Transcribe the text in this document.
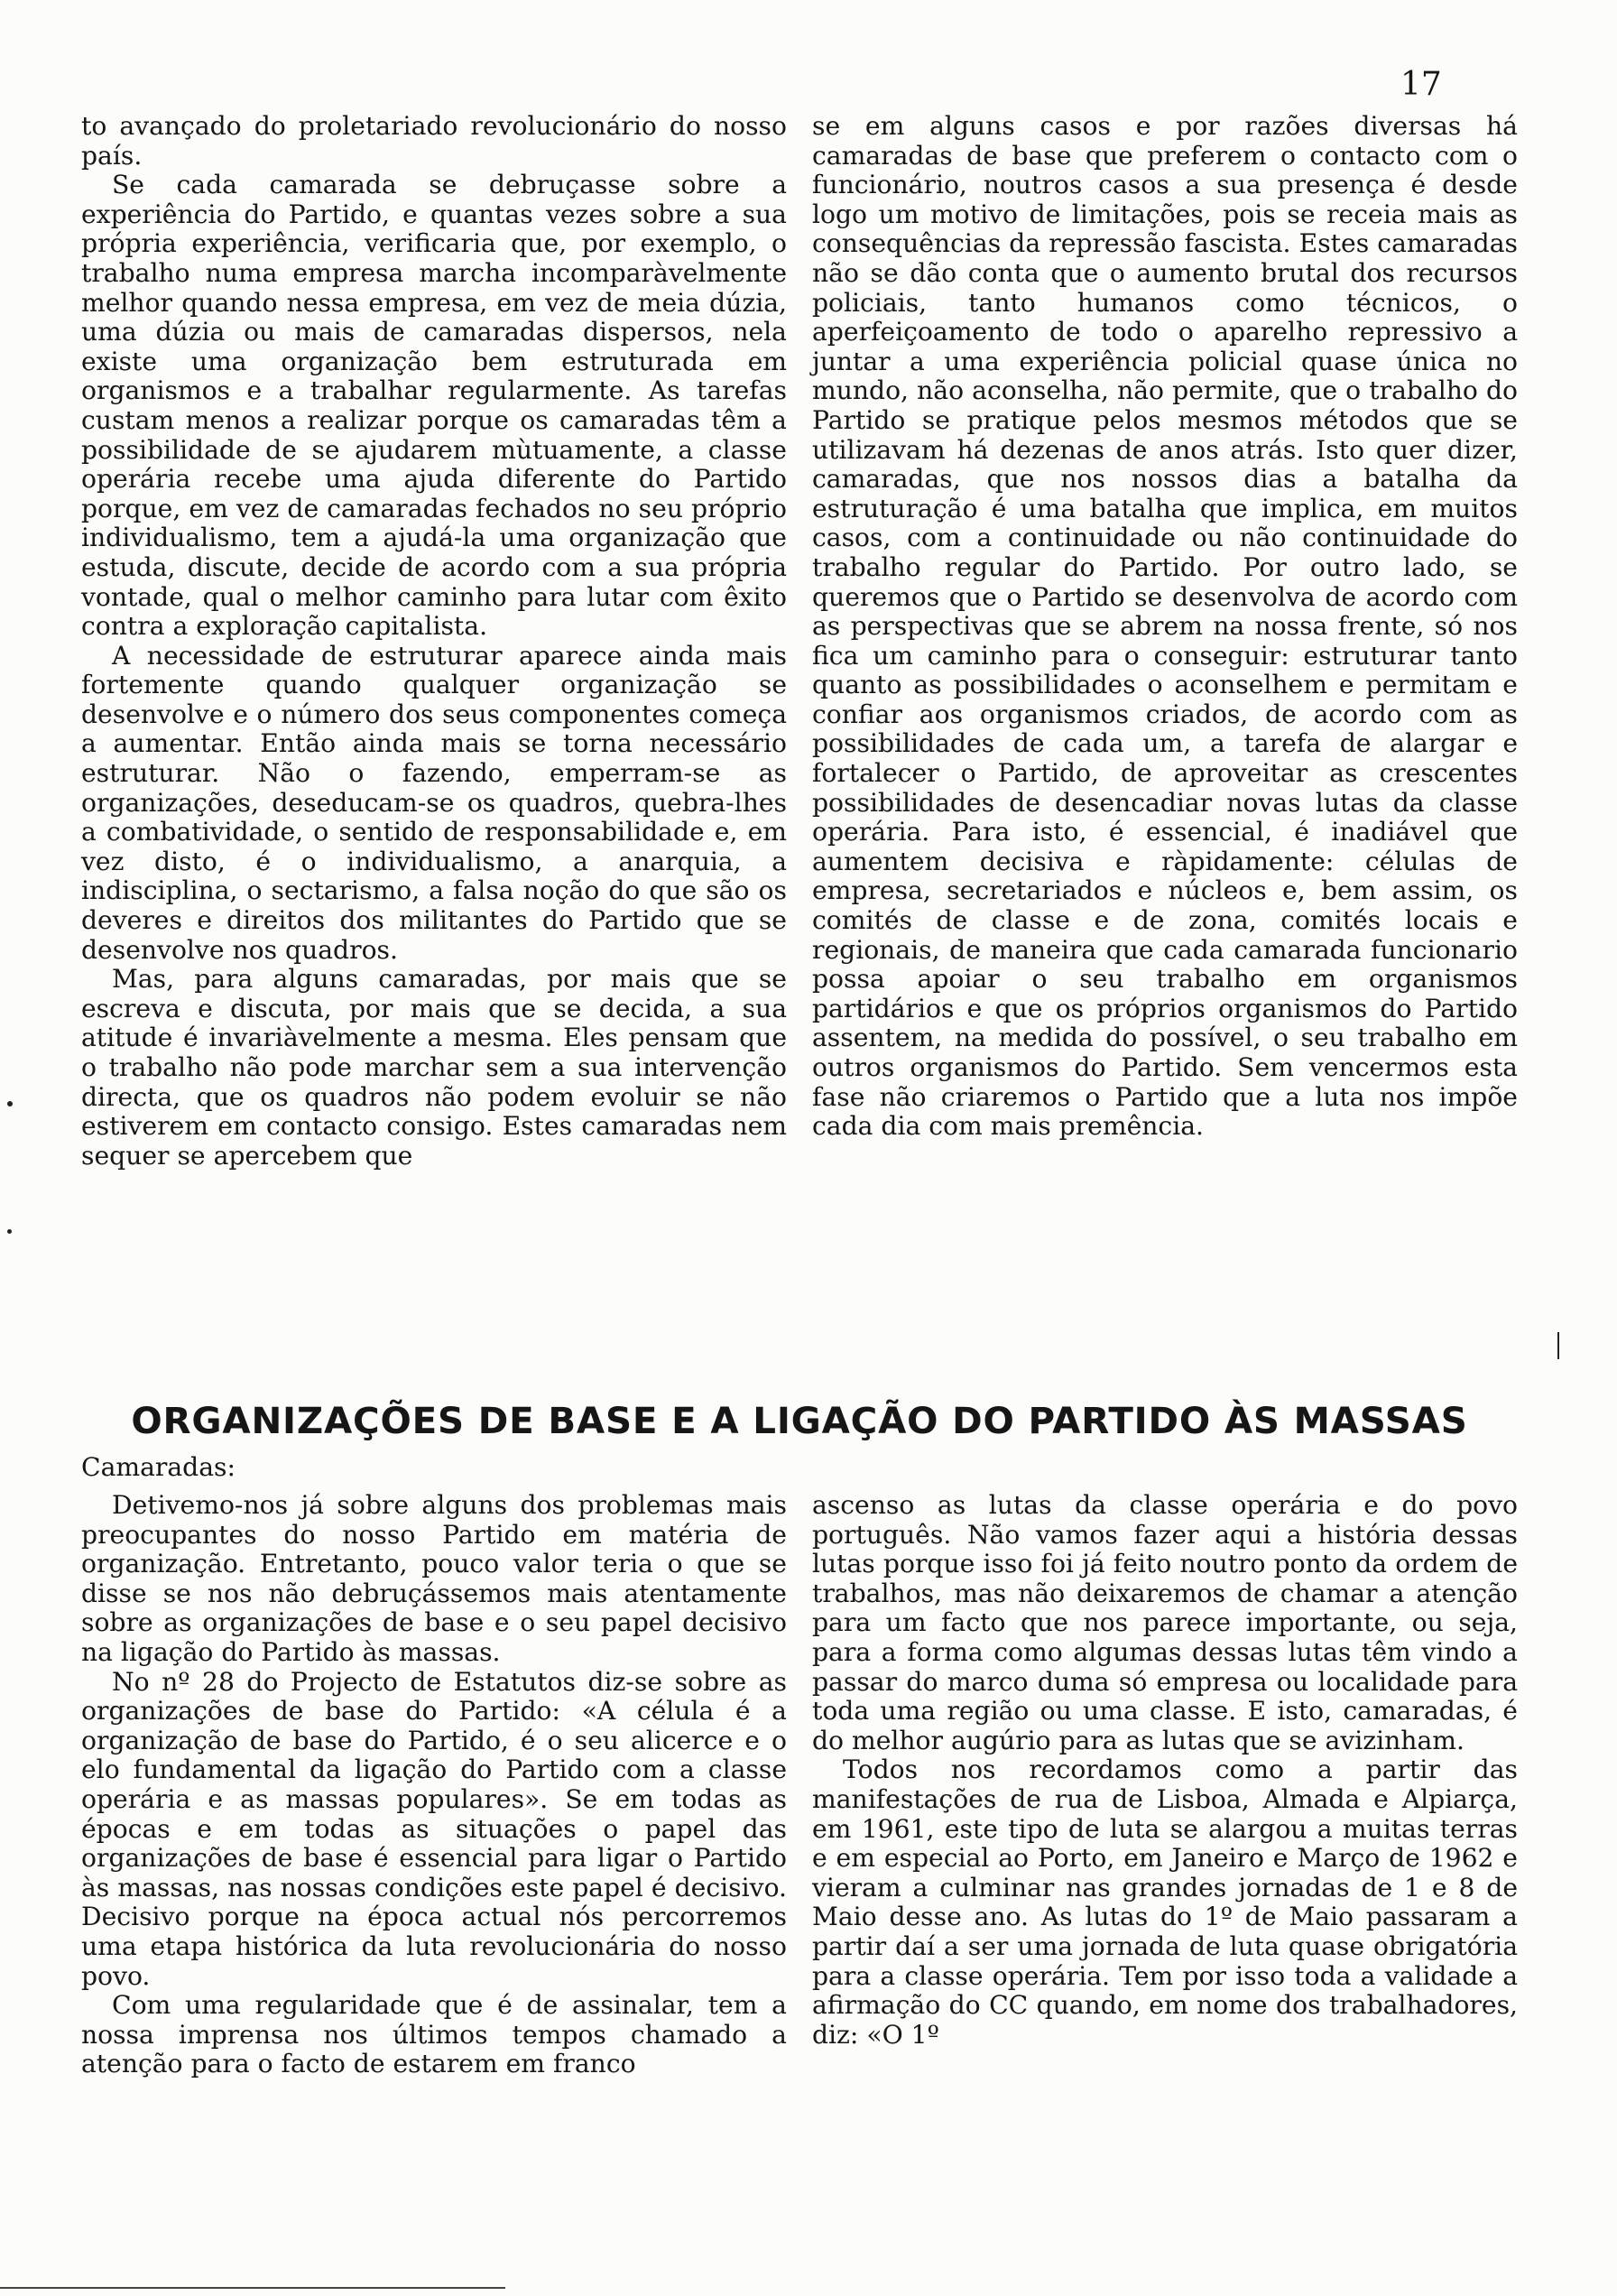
17

to avançado do proletariado revolucionário do nosso país.

Se cada camarada se debruçasse sobre a experiência do Partido, e quantas vezes sobre a sua própria experiência, verificaria que, por exemplo, o trabalho numa empresa marcha incomparàvelmente melhor quando nessa empresa, em vez de meia dúzia, uma dúzia ou mais de camaradas dispersos, nela existe uma organização bem estruturada em organismos e a trabalhar regularmente. As tarefas custam menos a realizar porque os camaradas têm a possibilidade de se ajudarem mùtuamente, a classe operária recebe uma ajuda diferente do Partido porque, em vez de camaradas fechados no seu próprio individualismo, tem a ajudá-la uma organização que estuda, discute, decide de acordo com a sua própria vontade, qual o melhor caminho para lutar com êxito contra a exploração capitalista.

A necessidade de estruturar aparece ainda mais fortemente quando qualquer organização se desenvolve e o número dos seus componentes começa a aumentar. Então ainda mais se torna necessário estruturar. Não o fazendo, emperram-se as organizações, deseducam-se os quadros, quebra-lhes a combatividade, o sentido de responsabilidade e, em vez disto, é o individualismo, a anarquia, a indisciplina, o sectarismo, a falsa noção do que são os deveres e direitos dos militantes do Partido que se desenvolve nos quadros.

Mas, para alguns camaradas, por mais que se escreva e discuta, por mais que se decida, a sua atitude é invariàvelmente a mesma. Eles pensam que o trabalho não pode marchar sem a sua intervenção directa, que os quadros não podem evoluir se não estiverem em contacto consigo. Estes camaradas nem sequer se apercebem que

se em alguns casos e por razões diversas há camaradas de base que preferem o contacto com o funcionário, noutros casos a sua presença é desde logo um motivo de limitações, pois se receia mais as consequências da repressão fascista. Estes camaradas não se dão conta que o aumento brutal dos recursos policiais, tanto humanos como técnicos, o aperfeiçoamento de todo o aparelho repressivo a juntar a uma experiência policial quase única no mundo, não aconselha, não permite, que o trabalho do Partido se pratique pelos mesmos métodos que se utilizavam há dezenas de anos atrás. Isto quer dizer, camaradas, que nos nossos dias a batalha da estruturação é uma batalha que implica, em muitos casos, com a continuidade ou não continuidade do trabalho regular do Partido. Por outro lado, se queremos que o Partido se desenvolva de acordo com as perspectivas que se abrem na nossa frente, só nos fica um caminho para o conseguir: estruturar tanto quanto as possibilidades o aconselhem e permitam e confiar aos organismos criados, de acordo com as possibilidades de cada um, a tarefa de alargar e fortalecer o Partido, de aproveitar as crescentes possibilidades de desencadiar novas lutas da classe operária. Para isto, é essencial, é inadiável que aumentem decisiva e ràpidamente: células de empresa, secretariados e núcleos e, bem assim, os comités de classe e de zona, comités locais e regionais, de maneira que cada camarada funcionario possa apoiar o seu trabalho em organismos partidários e que os próprios organismos do Partido assentem, na medida do possível, o seu trabalho em outros organismos do Partido. Sem vencermos esta fase não criaremos o Partido que a luta nos impõe cada dia com mais premência.

ORGANIZAÇÕES DE BASE E A LIGAÇÃO DO PARTIDO ÀS MASSAS
Camaradas:

Detivemo-nos já sobre alguns dos problemas mais preocupantes do nosso Partido em matéria de organização. Entretanto, pouco valor teria o que se disse se nos não debruçássemos mais atentamente sobre as organizações de base e o seu papel decisivo na ligação do Partido às massas.

No nº 28 do Projecto de Estatutos diz-se sobre as organizações de base do Partido: «A célula é a organização de base do Partido, é o seu alicerce e o elo fundamental da ligação do Partido com a classe operária e as massas populares». Se em todas as épocas e em todas as situações o papel das organizações de base é essencial para ligar o Partido às massas, nas nossas condições este papel é decisivo. Decisivo porque na época actual nós percorremos uma etapa histórica da luta revolucionária do nosso povo.

Com uma regularidade que é de assinalar, tem a nossa imprensa nos últimos tempos chamado a atenção para o facto de estarem em franco

ascenso as lutas da classe operária e do povo português. Não vamos fazer aqui a história dessas lutas porque isso foi já feito noutro ponto da ordem de trabalhos, mas não deixaremos de chamar a atenção para um facto que nos parece importante, ou seja, para a forma como algumas dessas lutas têm vindo a passar do marco duma só empresa ou localidade para toda uma região ou uma classe. E isto, camaradas, é do melhor augúrio para as lutas que se avizinham.

Todos nos recordamos como a partir das manifestações de rua de Lisboa, Almada e Alpiarça, em 1961, este tipo de luta se alargou a muitas terras e em especial ao Porto, em Janeiro e Março de 1962 e vieram a culminar nas grandes jornadas de 1 e 8 de Maio desse ano. As lutas do 1º de Maio passaram a partir daí a ser uma jornada de luta quase obrigatória para a classe operária. Tem por isso toda a validade a afirmação do CC quando, em nome dos trabalhadores, diz: «O 1º
